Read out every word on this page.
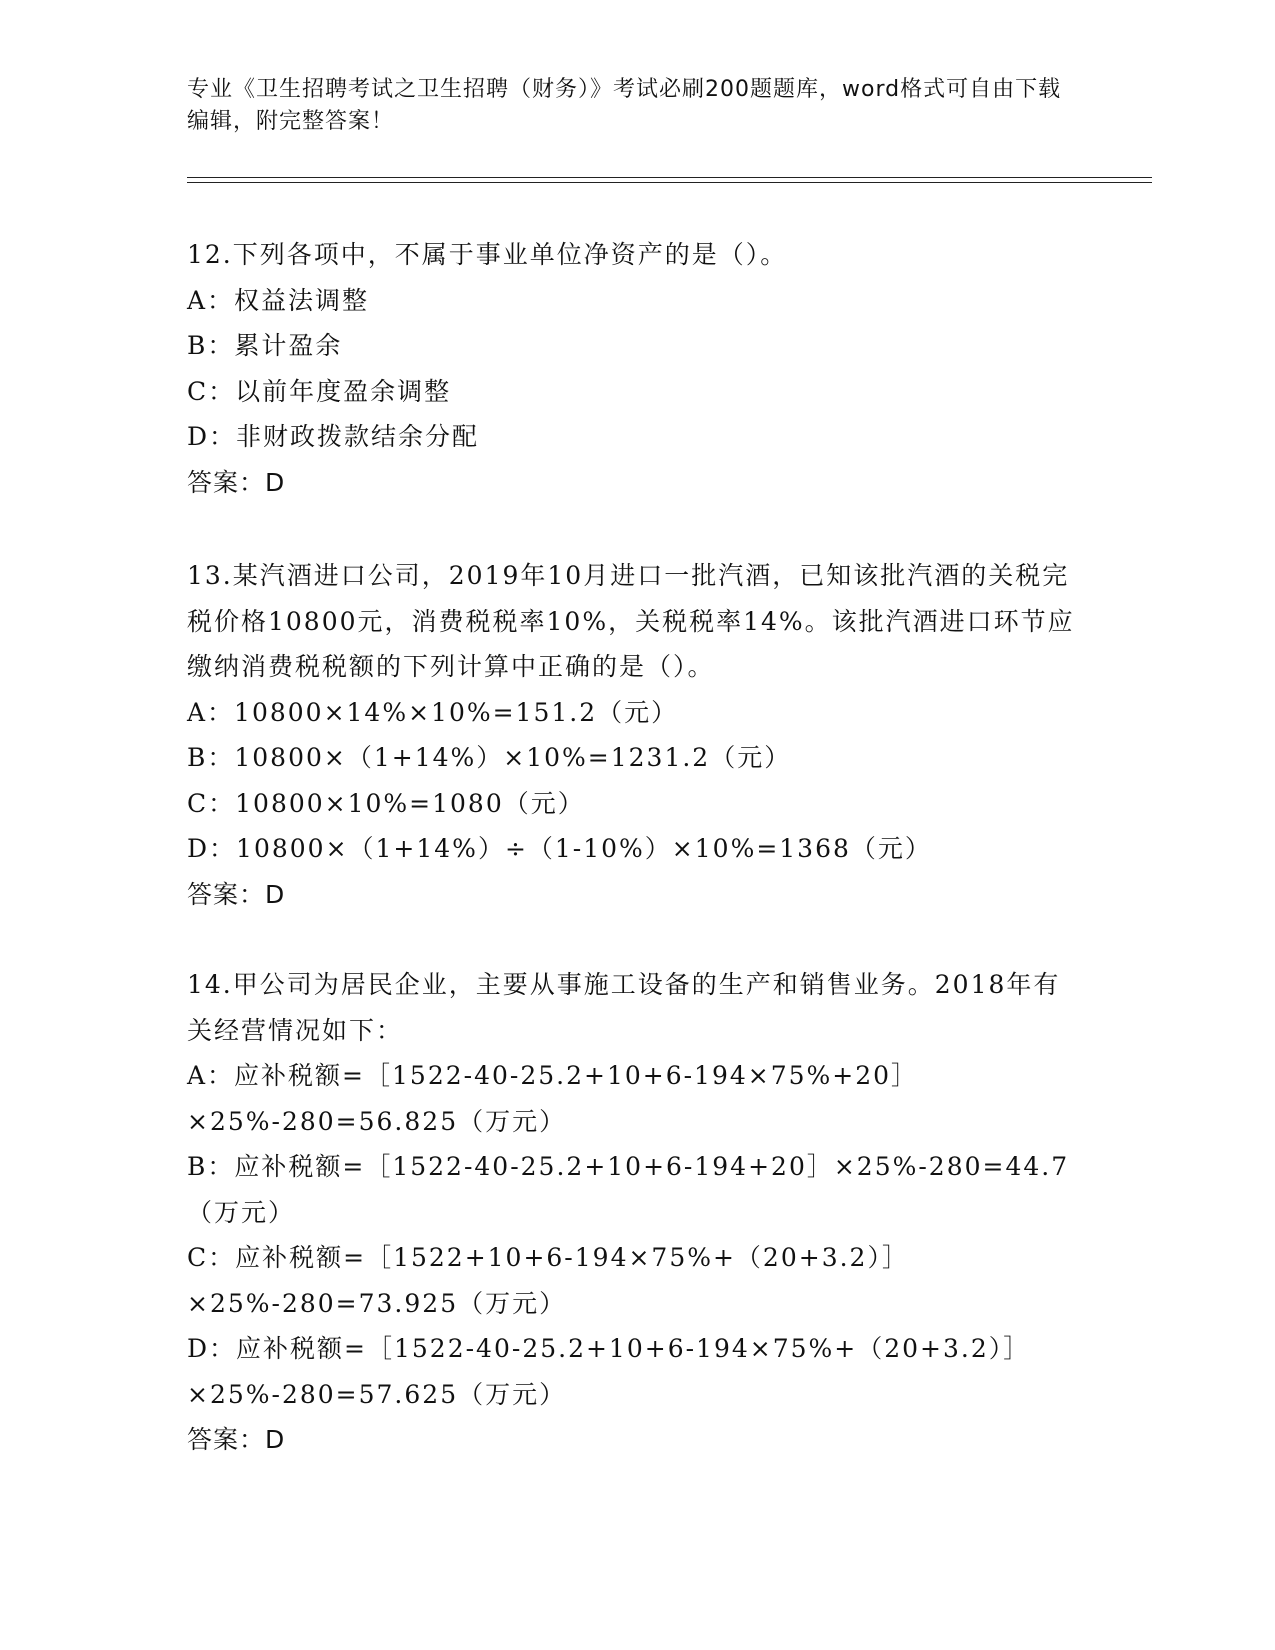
专业《卫生招聘考试之卫生招聘（财务）》考试必刷200题题库，word格式可自由下载编辑，附完整答案！

12.下列各项中，不属于事业单位净资产的是（）。

A：权益法调整

B：累计盈余

C：以前年度盈余调整

D：非财政拨款结余分配

答案：D

13.某汽酒进口公司，2019年10月进口一批汽酒，已知该批汽酒的关税完税价格10800元，消费税税率10%，关税税率14%。该批汽酒进口环节应缴纳消费税税额的下列计算中正确的是（）。

A：10800×14%×10%=151.2（元）

B：10800×（1+14%）×10%=1231.2（元）

C：10800×10%=1080（元）

D：10800×（1+14%）÷（1-10%）×10%=1368（元）

答案：D

14.甲公司为居民企业，主要从事施工设备的生产和销售业务。2018年有关经营情况如下：

A：应补税额=［1522-40-25.2+10+6-194×75%+20］×25%-280=56.825（万元）

B：应补税额=［1522-40-25.2+10+6-194+20］×25%-280=44.7（万元）

C：应补税额=［1522+10+6-194×75%+（20+3.2）］×25%-280=73.925（万元）

D：应补税额=［1522-40-25.2+10+6-194×75%+（20+3.2）］×25%-280=57.625（万元）

答案：D
